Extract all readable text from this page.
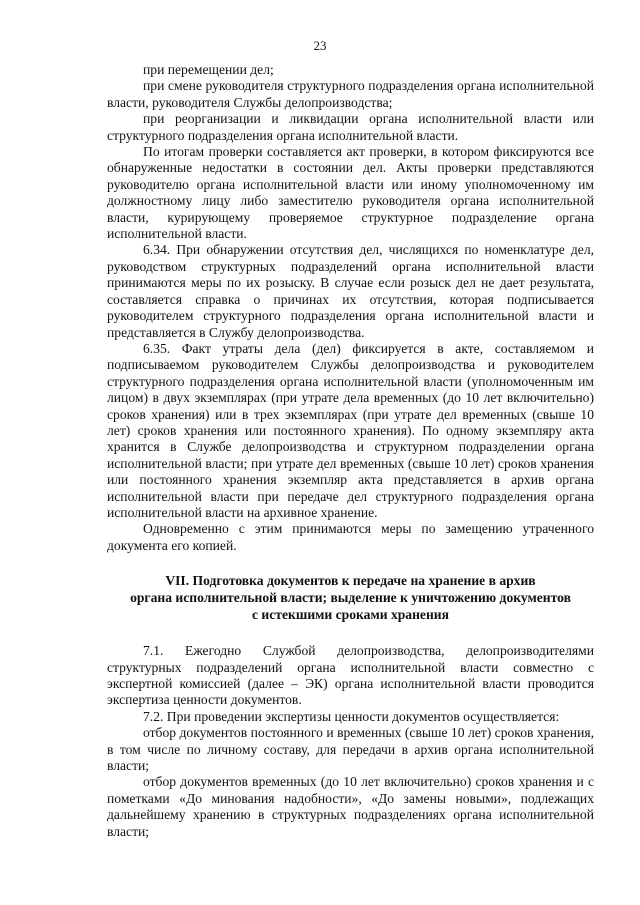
23

при перемещении дел;

при смене руководителя структурного подразделения органа исполнительной власти, руководителя Службы делопроизводства;

при реорганизации и ликвидации органа исполнительной власти или структурного подразделения органа исполнительной власти.

По итогам проверки составляется акт проверки, в котором фиксируются все обнаруженные недостатки в состоянии дел. Акты проверки представляются руководителю органа исполнительной власти или иному уполномоченному им должностному лицу либо заместителю руководителя органа исполнительной власти, курирующему проверяемое структурное подразделение органа исполнительной власти.

6.34. При обнаружении отсутствия дел, числящихся по номенклатуре дел, руководством структурных подразделений органа исполнительной власти принимаются меры по их розыску. В случае если розыск дел не дает результата, составляется справка о причинах их отсутствия, которая подписывается руководителем структурного подразделения органа исполнительной власти и представляется в Службу делопроизводства.

6.35. Факт утраты дела (дел) фиксируется в акте, составляемом и подписываемом руководителем Службы делопроизводства и руководителем структурного подразделения органа исполнительной власти (уполномоченным им лицом) в двух экземплярах (при утрате дела временных (до 10 лет включительно) сроков хранения) или в трех экземплярах (при утрате дел временных (свыше 10 лет) сроков хранения или постоянного хранения). По одному экземпляру акта хранится в Службе делопроизводства и структурном подразделении органа исполнительной власти; при утрате дел временных (свыше 10 лет) сроков хранения или постоянного хранения экземпляр акта представляется в архив органа исполнительной власти при передаче дел структурного подразделения органа исполнительной власти на архивное хранение.

Одновременно с этим принимаются меры по замещению утраченного документа его копией.

VII. Подготовка документов к передаче на хранение в архив
органа исполнительной власти; выделение к уничтожению документов
с истекшими сроками хранения

7.1. Ежегодно Службой делопроизводства, делопроизводителями структурных подразделений органа исполнительной власти совместно с экспертной комиссией (далее – ЭК) органа исполнительной власти проводится экспертиза ценности документов.

7.2. При проведении экспертизы ценности документов осуществляется:

отбор документов постоянного и временных (свыше 10 лет) сроков хранения, в том числе по личному составу, для передачи в архив органа исполнительной власти;

отбор документов временных (до 10 лет включительно) сроков хранения и с пометками «До минования надобности», «До замены новыми», подлежащих дальнейшему хранению в структурных подразделениях органа исполнительной власти;
